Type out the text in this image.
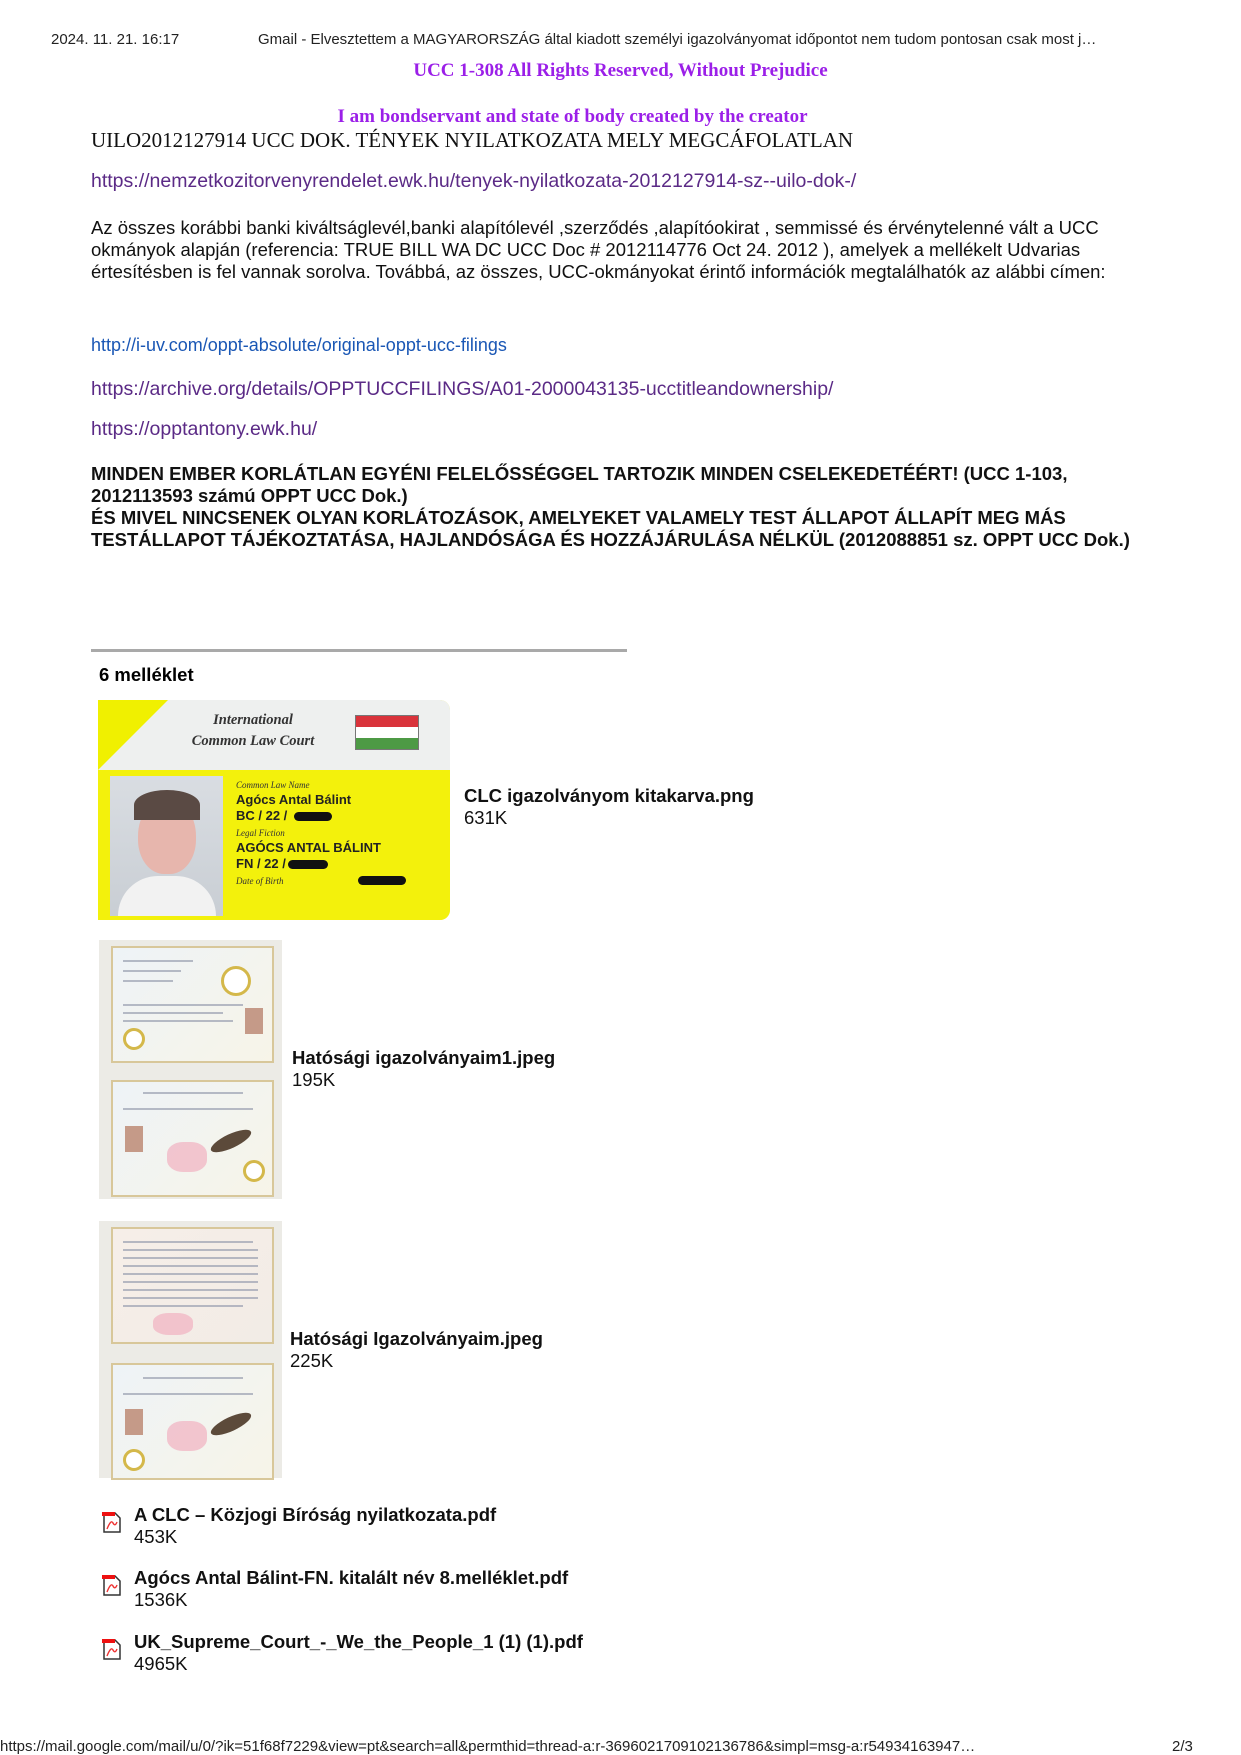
2024. 11. 21. 16:17	Gmail - Elvesztettem a MAGYARORSZÁG által kiadott személyi igazolványomat időpontot nem tudom pontosan csak most j…
UCC 1-308 All Rights Reserved, Without Prejudice
I am bondservant and state of body created by the creator
UILO2012127914 UCC DOK. TÉNYEK NYILATKOZATA MELY MEGCÁFOLATLAN
https://nemzetkozitorvenyrendelet.ewk.hu/tenyek-nyilatkozata-2012127914-sz--uilo-dok-/
Az összes korábbi banki kiváltságlevél,banki alapítólevél ,szerződés ,alapítóokirat , semmissé és érvénytelenné vált a UCC okmányok alapján (referencia: TRUE BILL WA DC UCC Doc # 2012114776 Oct 24. 2012 ), amelyek a mellékelt Udvarias értesítésben is fel vannak sorolva. Továbbá, az összes, UCC-okmányokat érintő információk megtalálhatók az alábbi címen:
http://i-uv.com/oppt-absolute/original-oppt-ucc-filings
https://archive.org/details/OPPTUCCFILINGS/A01-2000043135-ucctitleandownership/
https://opptantony.ewk.hu/
MINDEN EMBER KORLÁTLAN EGYÉNI FELELŐSSÉGGEL TARTOZIK MINDEN CSELEKEDETÉÉRT! (UCC 1-103, 2012113593 számú OPPT UCC Dok.)
ÉS MIVEL NINCSENEK OLYAN KORLÁTOZÁSOK, AMELYEKET VALAMELY TEST ÁLLAPOT ÁLLAPÍT MEG MÁS TESTÁLLAPOT TÁJÉKOZTATÁSA, HAJLANDÓSÁGA ÉS HOZZÁJÁRULÁSA NÉLKÜL (2012088851 sz. OPPT UCC Dok.)
6 melléklet
International
Common Law Court
Common Law Name
Agócs Antal Bálint
BC / 22 /
Legal Fiction
AGÓCS ANTAL BÁLINT
FN / 22 /
Date of Birth
CLC igazolványom kitakarva.png
631K
Hatósági igazolványaim1.jpeg
195K
Hatósági Igazolványaim.jpeg
225K
A CLC – Közjogi Bíróság nyilatkozata.pdf
453K
Agócs Antal Bálint-FN. kitalált név 8.melléklet.pdf
1536K
UK_Supreme_Court_-_We_the_People_1 (1) (1).pdf
4965K
https://mail.google.com/mail/u/0/?ik=51f68f7229&view=pt&search=all&permthid=thread-a:r-3696021709102136786&simpl=msg-a:r54934163947…	2/3
